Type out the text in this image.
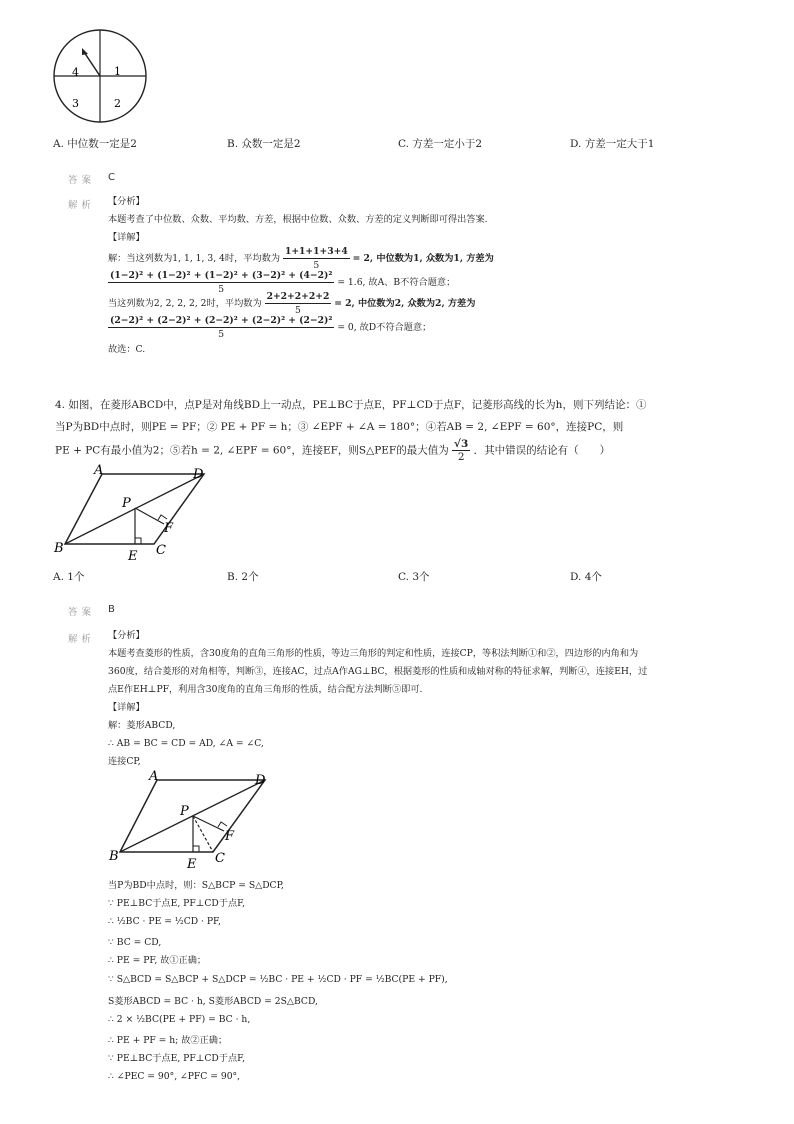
4	1
3	2
A. 中位数一定是2	B. 众数一定是2	C. 方差一定小于2	D. 方差一定大于1
答案 C
解析 【分析】
本题考查了中位数、众数、平均数、方差，根据中位数、众数、方差的定义判断即可得出答案.
【详解】
解：当这列数为1, 1, 1, 3, 4时，平均数为 $\frac{1+1+1+3+4}{5} = 2$, 中位数为1, 众数为1, 方差为
$\frac{\text{(1−2)² + (1−2)² + (1−2)² + (3−2)² + (4−2)²}}{5} = 1.6$, 故A、B不符合题意；
当这列数为2, 2, 2, 2, 2时，平均数为 $\frac{2+2+2+2+2}{5} = 2$, 中位数为2, 众数为2, 方差为
$\frac{\text{(2−2)² + (2−2)² + (2−2)² + (2−2)² + (2−2)²}}{5} = 0$, 故D不符合题意；
故选：C.
4. 如图，在菱形ABCD中，点P是对角线BD上一动点，PE⊥BC于点E，PF⊥CD于点F，记菱形高线的长为h，则下列结论：①
当P为BD中点时，则PE = PF；② PE + PF = h；③ ∠EPF + ∠A = 180°；④若AB = 2, ∠EPF = 60°，连接PC，则
PE + PC有最小值为2；⑤若h = 2, ∠EPF = 60°，连接EF，则S△PEF的最大值为 $\frac{√3}{2}$ ．其中错误的结论有（　　）
A	D
P
F
B
E C
A. 1个	B. 2个	C. 3个	D. 4个
答案 B
解析 【分析】
本题考查菱形的性质，含30度角的直角三角形的性质，等边三角形的判定和性质，连接CP，等积法判断①和②，四边形的内角和为
360度，结合菱形的对角相等，判断③，连接AC，过点A作AG⊥BC，根据菱形的性质和成轴对称的特征求解，判断④，连接EH，过
点E作EH⊥PF，利用含30度角的直角三角形的性质，结合配方法判断⑤即可.
【详解】
解：菱形ABCD,
∴ AB = BC = CD = AD, ∠A = ∠C,
连接CP,
A	D
P
F
B
E C
当P为BD中点时，则：S△BCP = S△DCP,
∵ PE⊥BC于点E, PF⊥CD于点F,
∴ ½BC · PE = ½CD · PF,
∵ BC = CD,
∴ PE = PF, 故①正确；
∵ S△BCD = S△BCP + S△DCP = ½BC · PE + ½CD · PF = ½BC(PE + PF),
S菱形ABCD = BC · h, S菱形ABCD = 2S△BCD,
∴ 2 × ½BC(PE + PF) = BC · h,
∴ PE + PF = h; 故②正确；
∵ PE⊥BC于点E, PF⊥CD于点F,
∴ ∠PEC = 90°, ∠PFC = 90°,
